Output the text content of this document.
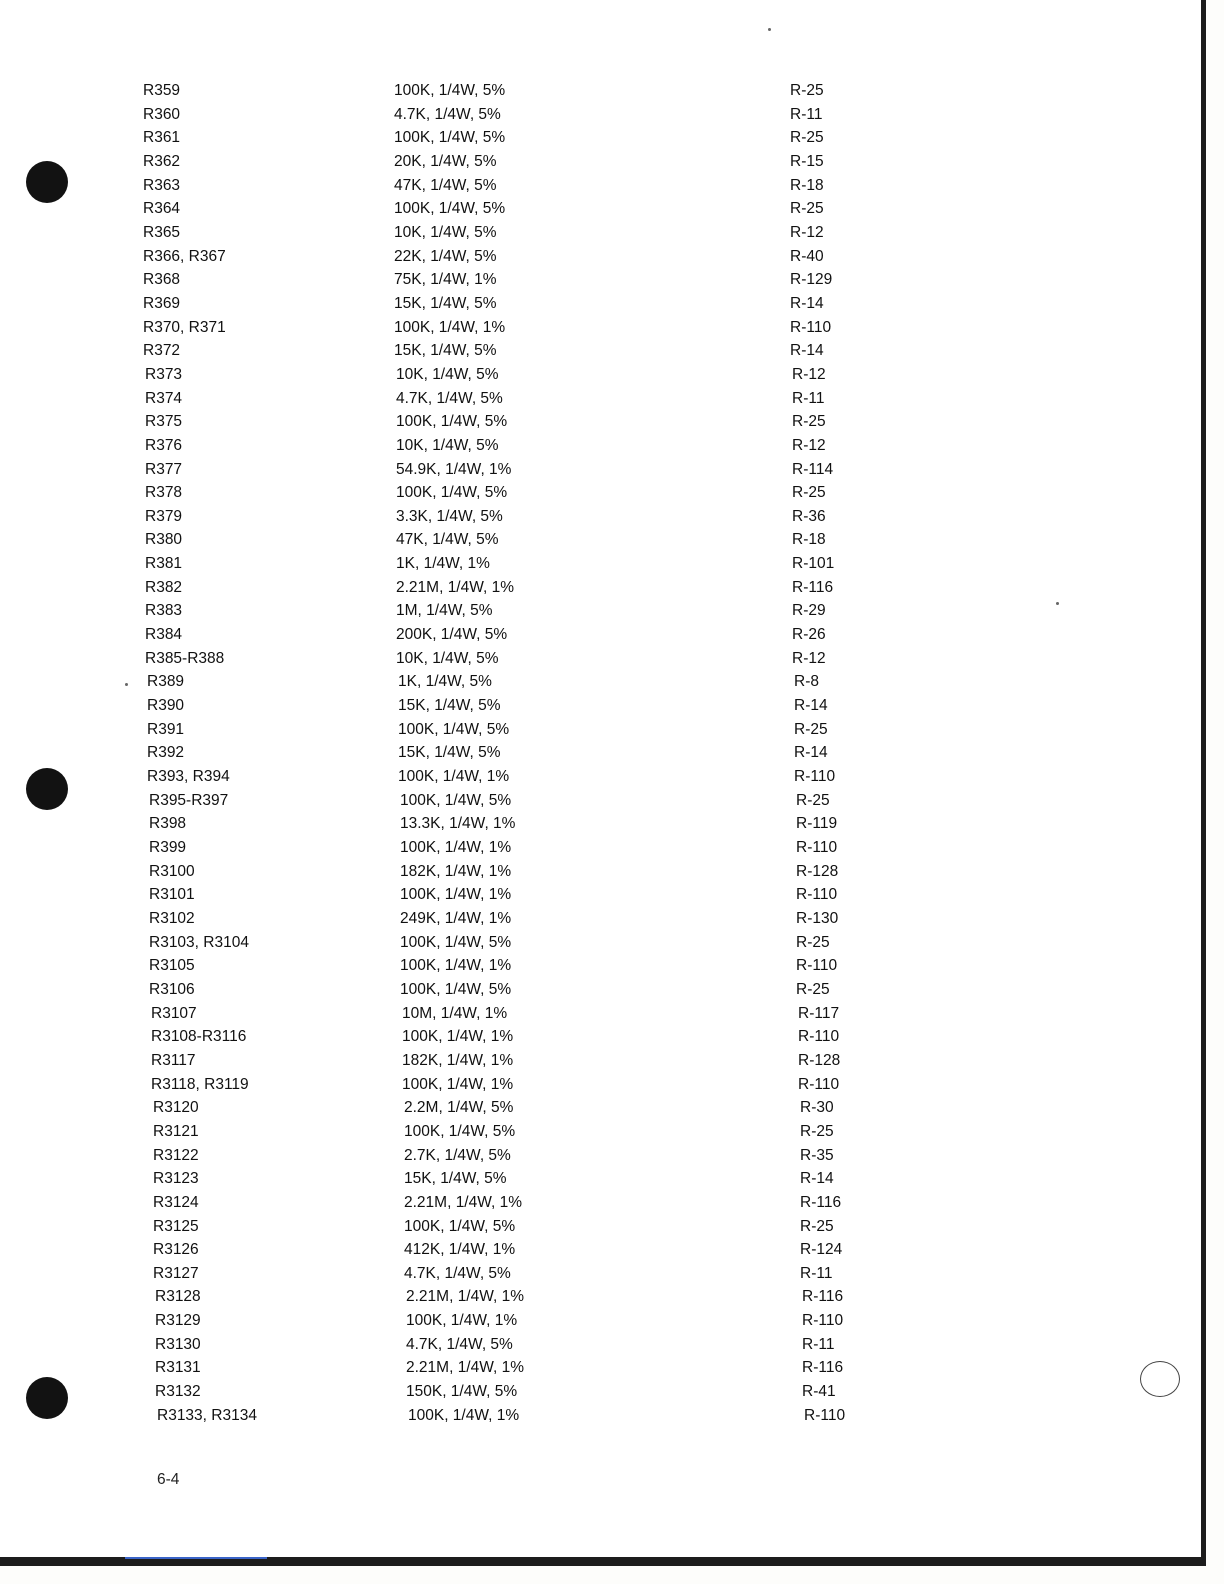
R359	100K, 1/4W, 5%	R-25
R360	4.7K, 1/4W, 5%	R-11
R361	100K, 1/4W, 5%	R-25
R362	20K, 1/4W, 5%	R-15
R363	47K, 1/4W, 5%	R-18
R364	100K, 1/4W, 5%	R-25
R365	10K, 1/4W, 5%	R-12
R366, R367	22K, 1/4W, 5%	R-40
R368	75K, 1/4W, 1%	R-129
R369	15K, 1/4W, 5%	R-14
R370, R371	100K, 1/4W, 1%	R-110
R372	15K, 1/4W, 5%	R-14
R373	10K, 1/4W, 5%	R-12
R374	4.7K, 1/4W, 5%	R-11
R375	100K, 1/4W, 5%	R-25
R376	10K, 1/4W, 5%	R-12
R377	54.9K, 1/4W, 1%	R-114
R378	100K, 1/4W, 5%	R-25
R379	3.3K, 1/4W, 5%	R-36
R380	47K, 1/4W, 5%	R-18
R381	1K, 1/4W, 1%	R-101
R382	2.21M, 1/4W, 1%	R-116
R383	1M, 1/4W, 5%	R-29
R384	200K, 1/4W, 5%	R-26
R385-R388	10K, 1/4W, 5%	R-12
R389	1K, 1/4W, 5%	R-8
R390	15K, 1/4W, 5%	R-14
R391	100K, 1/4W, 5%	R-25
R392	15K, 1/4W, 5%	R-14
R393, R394	100K, 1/4W, 1%	R-110
R395-R397	100K, 1/4W, 5%	R-25
R398	13.3K, 1/4W, 1%	R-119
R399	100K, 1/4W, 1%	R-110
R3100	182K, 1/4W, 1%	R-128
R3101	100K, 1/4W, 1%	R-110
R3102	249K, 1/4W, 1%	R-130
R3103, R3104	100K, 1/4W, 5%	R-25
R3105	100K, 1/4W, 1%	R-110
R3106	100K, 1/4W, 5%	R-25
R3107	10M, 1/4W, 1%	R-117
R3108-R3116	100K, 1/4W, 1%	R-110
R3117	182K, 1/4W, 1%	R-128
R3118, R3119	100K, 1/4W, 1%	R-110
R3120	2.2M, 1/4W, 5%	R-30
R3121	100K, 1/4W, 5%	R-25
R3122	2.7K, 1/4W, 5%	R-35
R3123	15K, 1/4W, 5%	R-14
R3124	2.21M, 1/4W, 1%	R-116
R3125	100K, 1/4W, 5%	R-25
R3126	412K, 1/4W, 1%	R-124
R3127	4.7K, 1/4W, 5%	R-11
R3128	2.21M, 1/4W, 1%	R-116
R3129	100K, 1/4W, 1%	R-110
R3130	4.7K, 1/4W, 5%	R-11
R3131	2.21M, 1/4W, 1%	R-116
R3132	150K, 1/4W, 5%	R-41
R3133, R3134	100K, 1/4W, 1%	R-110
6-4
